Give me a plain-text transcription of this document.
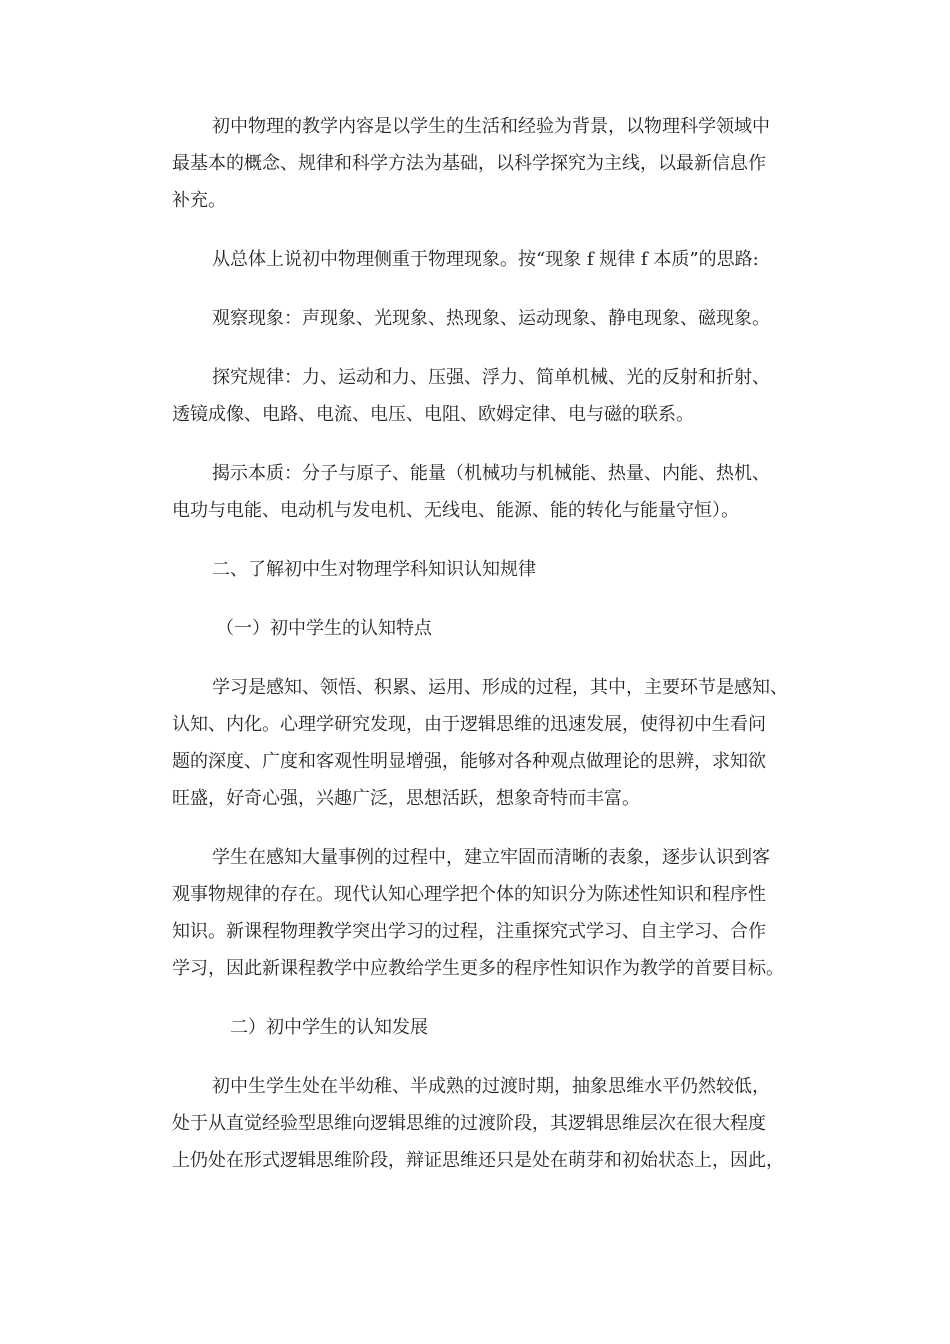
初中物理的教学内容是以学生的生活和经验为背景，以物理科学领域中
最基本的概念、规律和科学方法为基础，以科学探究为主线，以最新信息作
补充。

从总体上说初中物理侧重于物理现象。按“现象 f 规律 f 本质”的思路:

观察现象：声现象、光现象、热现象、运动现象、静电现象、磁现象。

探究规律：力、运动和力、压强、浮力、简单机械、光的反射和折射、
透镜成像、电路、电流、电压、电阻、欧姆定律、电与磁的联系。

揭示本质：分子与原子、能量（机械功与机械能、热量、内能、热机、
电功与电能、电动机与发电机、无线电、能源、能的转化与能量守恒）。

二、了解初中生对物理学科知识认知规律

（一）初中学生的认知特点

学习是感知、领悟、积累、运用、形成的过程，其中，主要环节是感知、
认知、内化。心理学研究发现，由于逻辑思维的迅速发展，使得初中生看问
题的深度、广度和客观性明显增强，能够对各种观点做理论的思辨，求知欲
旺盛，好奇心强，兴趣广泛，思想活跃，想象奇特而丰富。

学生在感知大量事例的过程中，建立牢固而清晰的表象，逐步认识到客
观事物规律的存在。现代认知心理学把个体的知识分为陈述性知识和程序性
知识。新课程物理教学突出学习的过程，注重探究式学习、自主学习、合作
学习，因此新课程教学中应教给学生更多的程序性知识作为教学的首要目标。

二）初中学生的认知发展

初中生学生处在半幼稚、半成熟的过渡时期，抽象思维水平仍然较低，
处于从直觉经验型思维向逻辑思维的过渡阶段，其逻辑思维层次在很大程度
上仍处在形式逻辑思维阶段，辩证思维还只是处在萌芽和初始状态上，因此，
